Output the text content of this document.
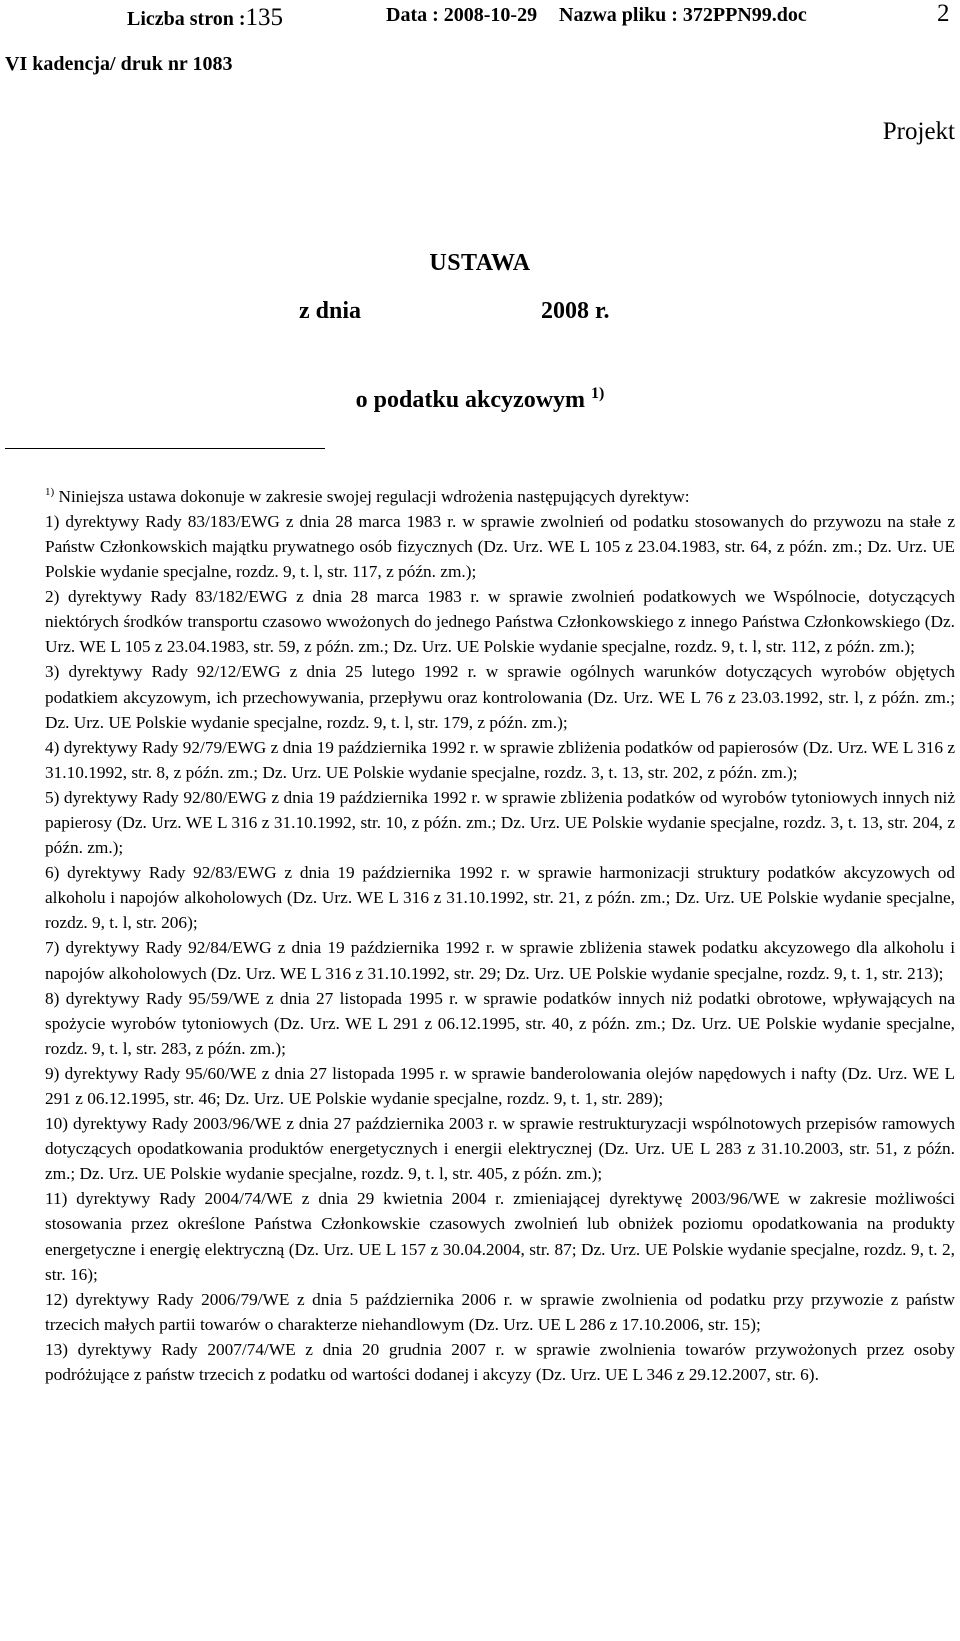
Liczba stron :135	Data : 2008-10-29 Nazwa pliku : 372PPN99.doc	2
VI kadencja/ druk nr 1083
Projekt
USTAWA
z dnia	2008 r.
o podatku akcyzowym $^{1)}$

$^{1)}$ Niniejsza ustawa dokonuje w zakresie swojej regulacji wdrożenia następujących dyrektyw:

1) dyrektywy Rady 83/183/EWG z dnia 28 marca 1983 r. w sprawie zwolnień od podatku stosowanych do przywozu na stałe z Państw Członkowskich majątku prywatnego osób fizycznych (Dz. Urz. WE L 105 z 23.04.1983, str. 64, z późn. zm.; Dz. Urz. UE Polskie wydanie specjalne, rozdz. 9, t. l, str. 117, z późn. zm.);

2) dyrektywy Rady 83/182/EWG z dnia 28 marca 1983 r. w sprawie zwolnień podatkowych we Wspólnocie, dotyczących niektórych środków transportu czasowo wwożonych do jednego Państwa Członkowskiego z innego Państwa Członkowskiego (Dz. Urz. WE L 105 z 23.04.1983, str. 59, z późn. zm.; Dz. Urz. UE Polskie wydanie specjalne, rozdz. 9, t. l, str. 112, z późn. zm.);

3) dyrektywy Rady 92/12/EWG z dnia 25 lutego 1992 r. w sprawie ogólnych warunków dotyczących wyrobów objętych podatkiem akcyzowym, ich przechowywania, przepływu oraz kontrolowania (Dz. Urz. WE L 76 z 23.03.1992, str. l, z późn. zm.; Dz. Urz. UE Polskie wydanie specjalne, rozdz. 9, t. l, str. 179, z późn. zm.);

4) dyrektywy Rady 92/79/EWG z dnia 19 października 1992 r. w sprawie zbliżenia podatków od papierosów (Dz. Urz. WE L 316 z 31.10.1992, str. 8, z późn. zm.; Dz. Urz. UE Polskie wydanie specjalne, rozdz. 3, t. 13, str. 202, z późn. zm.);

5) dyrektywy Rady 92/80/EWG z dnia 19 października 1992 r. w sprawie zbliżenia podatków od wyrobów tytoniowych innych niż papierosy (Dz. Urz. WE L 316 z 31.10.1992, str. 10, z późn. zm.; Dz. Urz. UE Polskie wydanie specjalne, rozdz. 3, t. 13, str. 204, z późn. zm.);

6) dyrektywy Rady 92/83/EWG z dnia 19 października 1992 r. w sprawie harmonizacji struktury podatków akcyzowych od alkoholu i napojów alkoholowych (Dz. Urz. WE L 316 z 31.10.1992, str. 21, z późn. zm.; Dz. Urz. UE Polskie wydanie specjalne, rozdz. 9, t. l, str. 206);

7) dyrektywy Rady 92/84/EWG z dnia 19 października 1992 r. w sprawie zbliżenia stawek podatku akcyzowego dla alkoholu i napojów alkoholowych (Dz. Urz. WE L 316 z 31.10.1992, str. 29; Dz. Urz. UE Polskie wydanie specjalne, rozdz. 9, t. 1, str. 213);

8) dyrektywy Rady 95/59/WE z dnia 27 listopada 1995 r. w sprawie podatków innych niż podatki obrotowe, wpływających na spożycie wyrobów tytoniowych (Dz. Urz. WE L 291 z 06.12.1995, str. 40, z późn. zm.; Dz. Urz. UE Polskie wydanie specjalne, rozdz. 9, t. l, str. 283, z późn. zm.);

9) dyrektywy Rady 95/60/WE z dnia 27 listopada 1995 r. w sprawie banderolowania olejów napędowych i nafty (Dz. Urz. WE L 291 z 06.12.1995, str. 46; Dz. Urz. UE Polskie wydanie specjalne, rozdz. 9, t. 1, str. 289);

10) dyrektywy Rady 2003/96/WE z dnia 27 października 2003 r. w sprawie restrukturyzacji wspólnotowych przepisów ramowych dotyczących opodatkowania produktów energetycznych i energii elektrycznej (Dz. Urz. UE L 283 z 31.10.2003, str. 51, z późn. zm.; Dz. Urz. UE Polskie wydanie specjalne, rozdz. 9, t. l, str. 405, z późn. zm.);

11) dyrektywy Rady 2004/74/WE z dnia 29 kwietnia 2004 r. zmieniającej dyrektywę 2003/96/WE w zakresie możliwości stosowania przez określone Państwa Członkowskie czasowych zwolnień lub obniżek poziomu opodatkowania na produkty energetyczne i energię elektryczną (Dz. Urz. UE L 157 z 30.04.2004, str. 87; Dz. Urz. UE Polskie wydanie specjalne, rozdz. 9, t. 2, str. 16);

12) dyrektywy Rady 2006/79/WE z dnia 5 października 2006 r. w sprawie zwolnienia od podatku przy przywozie z państw trzecich małych partii towarów o charakterze niehandlowym (Dz. Urz. UE L 286 z 17.10.2006, str. 15);

13) dyrektywy Rady 2007/74/WE z dnia 20 grudnia 2007 r. w sprawie zwolnienia towarów przywożonych przez osoby podróżujące z państw trzecich z podatku od wartości dodanej i akcyzy (Dz. Urz. UE L 346 z 29.12.2007, str. 6).
